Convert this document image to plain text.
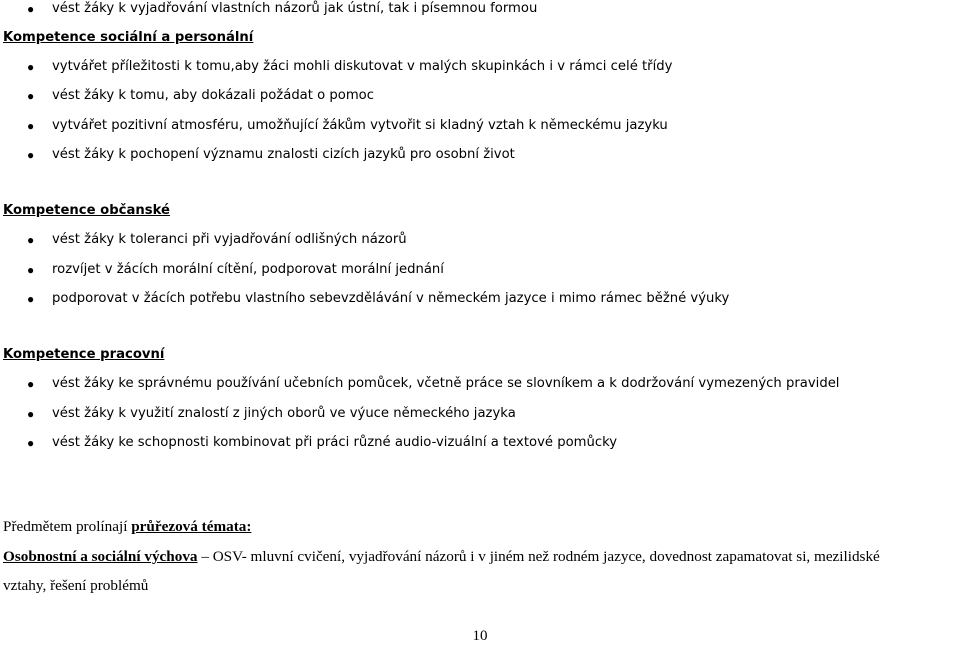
● vést žáky k vyjadřování vlastních názorů jak ústní, tak i písemnou formou
Kompetence sociální a personální
● vytvářet příležitosti k tomu,aby žáci mohli diskutovat v malých skupinkách i v rámci celé třídy
● vést žáky k tomu, aby dokázali požádat o pomoc
● vytvářet pozitivní atmosféru, umožňující žákům vytvořit si kladný vztah k německému jazyku
● vést žáky k pochopení významu znalosti cizích jazyků pro osobní život
Kompetence občanské
● vést žáky k toleranci při vyjadřování odlišných názorů
● rozvíjet v žácích morální cítění, podporovat morální jednání
● podporovat v žácích potřebu vlastního sebevzdělávání v německém jazyce i mimo rámec běžné výuky
Kompetence pracovní
● vést žáky ke správnému používání učebních pomůcek, včetně práce se slovníkem a k dodržování vymezených pravidel
● vést žáky k využití znalostí z jiných oborů ve výuce německého jazyka
● vést žáky ke schopnosti kombinovat při práci různé audio-vizuální a textové pomůcky
Předmětem prolínají průřezová témata:
Osobnostní a sociální výchova – OSV- mluvní cvičení, vyjadřování názorů i v jiném než rodném jazyce, dovednost zapamatovat si, mezilidské
vztahy, řešení problémů
10
